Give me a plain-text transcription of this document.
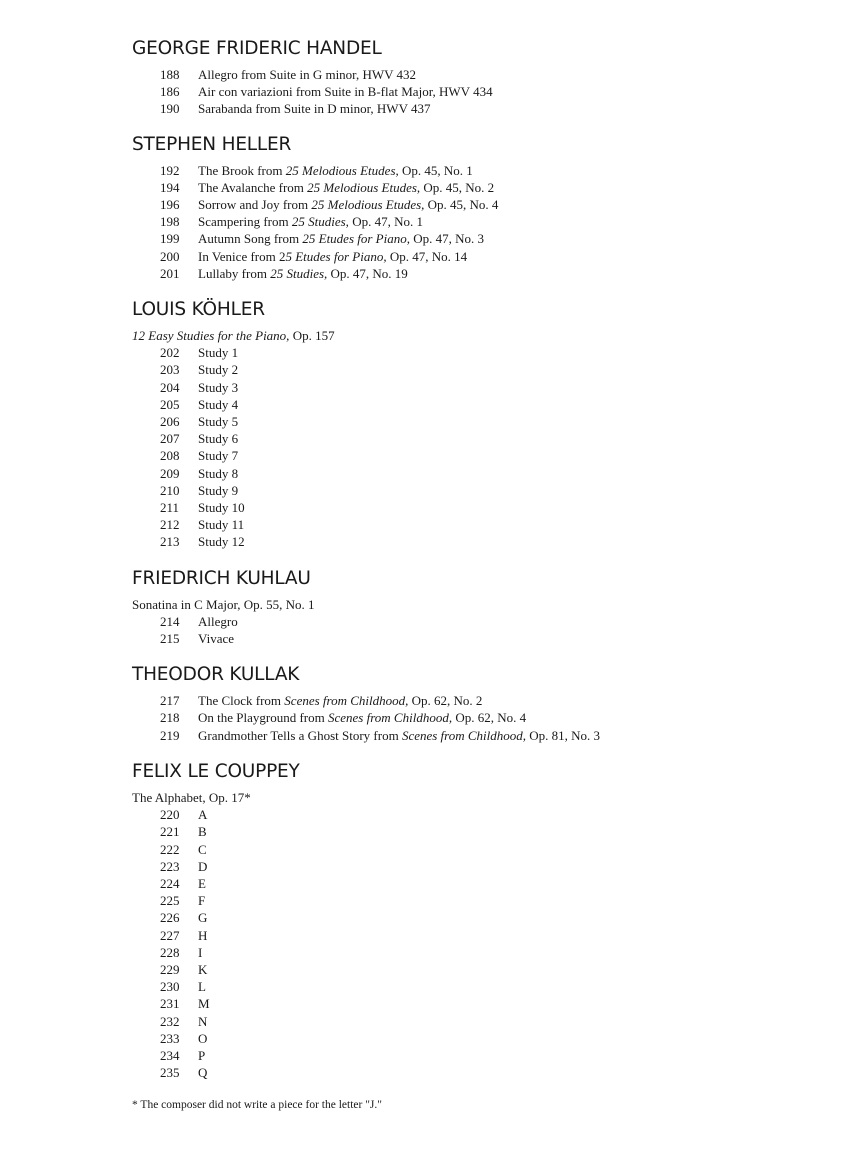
GEORGE FRIDERIC HANDEL
188	Allegro from Suite in G minor, HWV 432
186	Air con variazioni from Suite in B-flat Major, HWV 434
190	Sarabanda from Suite in D minor, HWV 437
STEPHEN HELLER
192	The Brook from 25 Melodious Etudes, Op. 45, No. 1
194	The Avalanche from 25 Melodious Etudes, Op. 45, No. 2
196	Sorrow and Joy from 25 Melodious Etudes, Op. 45, No. 4
198	Scampering from 25 Studies, Op. 47, No. 1
199	Autumn Song from 25 Etudes for Piano, Op. 47, No. 3
200	In Venice from 25 Etudes for Piano, Op. 47, No. 14
201	Lullaby from 25 Studies, Op. 47, No. 19
LOUIS KÖHLER

12 Easy Studies for the Piano, Op. 157

202	Study 1
203	Study 2
204	Study 3
205	Study 4
206	Study 5
207	Study 6
208	Study 7
209	Study 8
210	Study 9
211	Study 10
212	Study 11
213	Study 12
FRIEDRICH KUHLAU

Sonatina in C Major, Op. 55, No. 1

214	Allegro
215	Vivace
THEODOR KULLAK
217	The Clock from Scenes from Childhood, Op. 62, No. 2
218	On the Playground from Scenes from Childhood, Op. 62, No. 4
219	Grandmother Tells a Ghost Story from Scenes from Childhood, Op. 81, No. 3
FELIX LE COUPPEY

The Alphabet, Op. 17*

220	A
221	B
222	C
223	D
224	E
225	F
226	G
227	H
228	I
229	K
230	L
231	M
232	N
233	O
234	P
235	Q
* The composer did not write a piece for the letter "J."
